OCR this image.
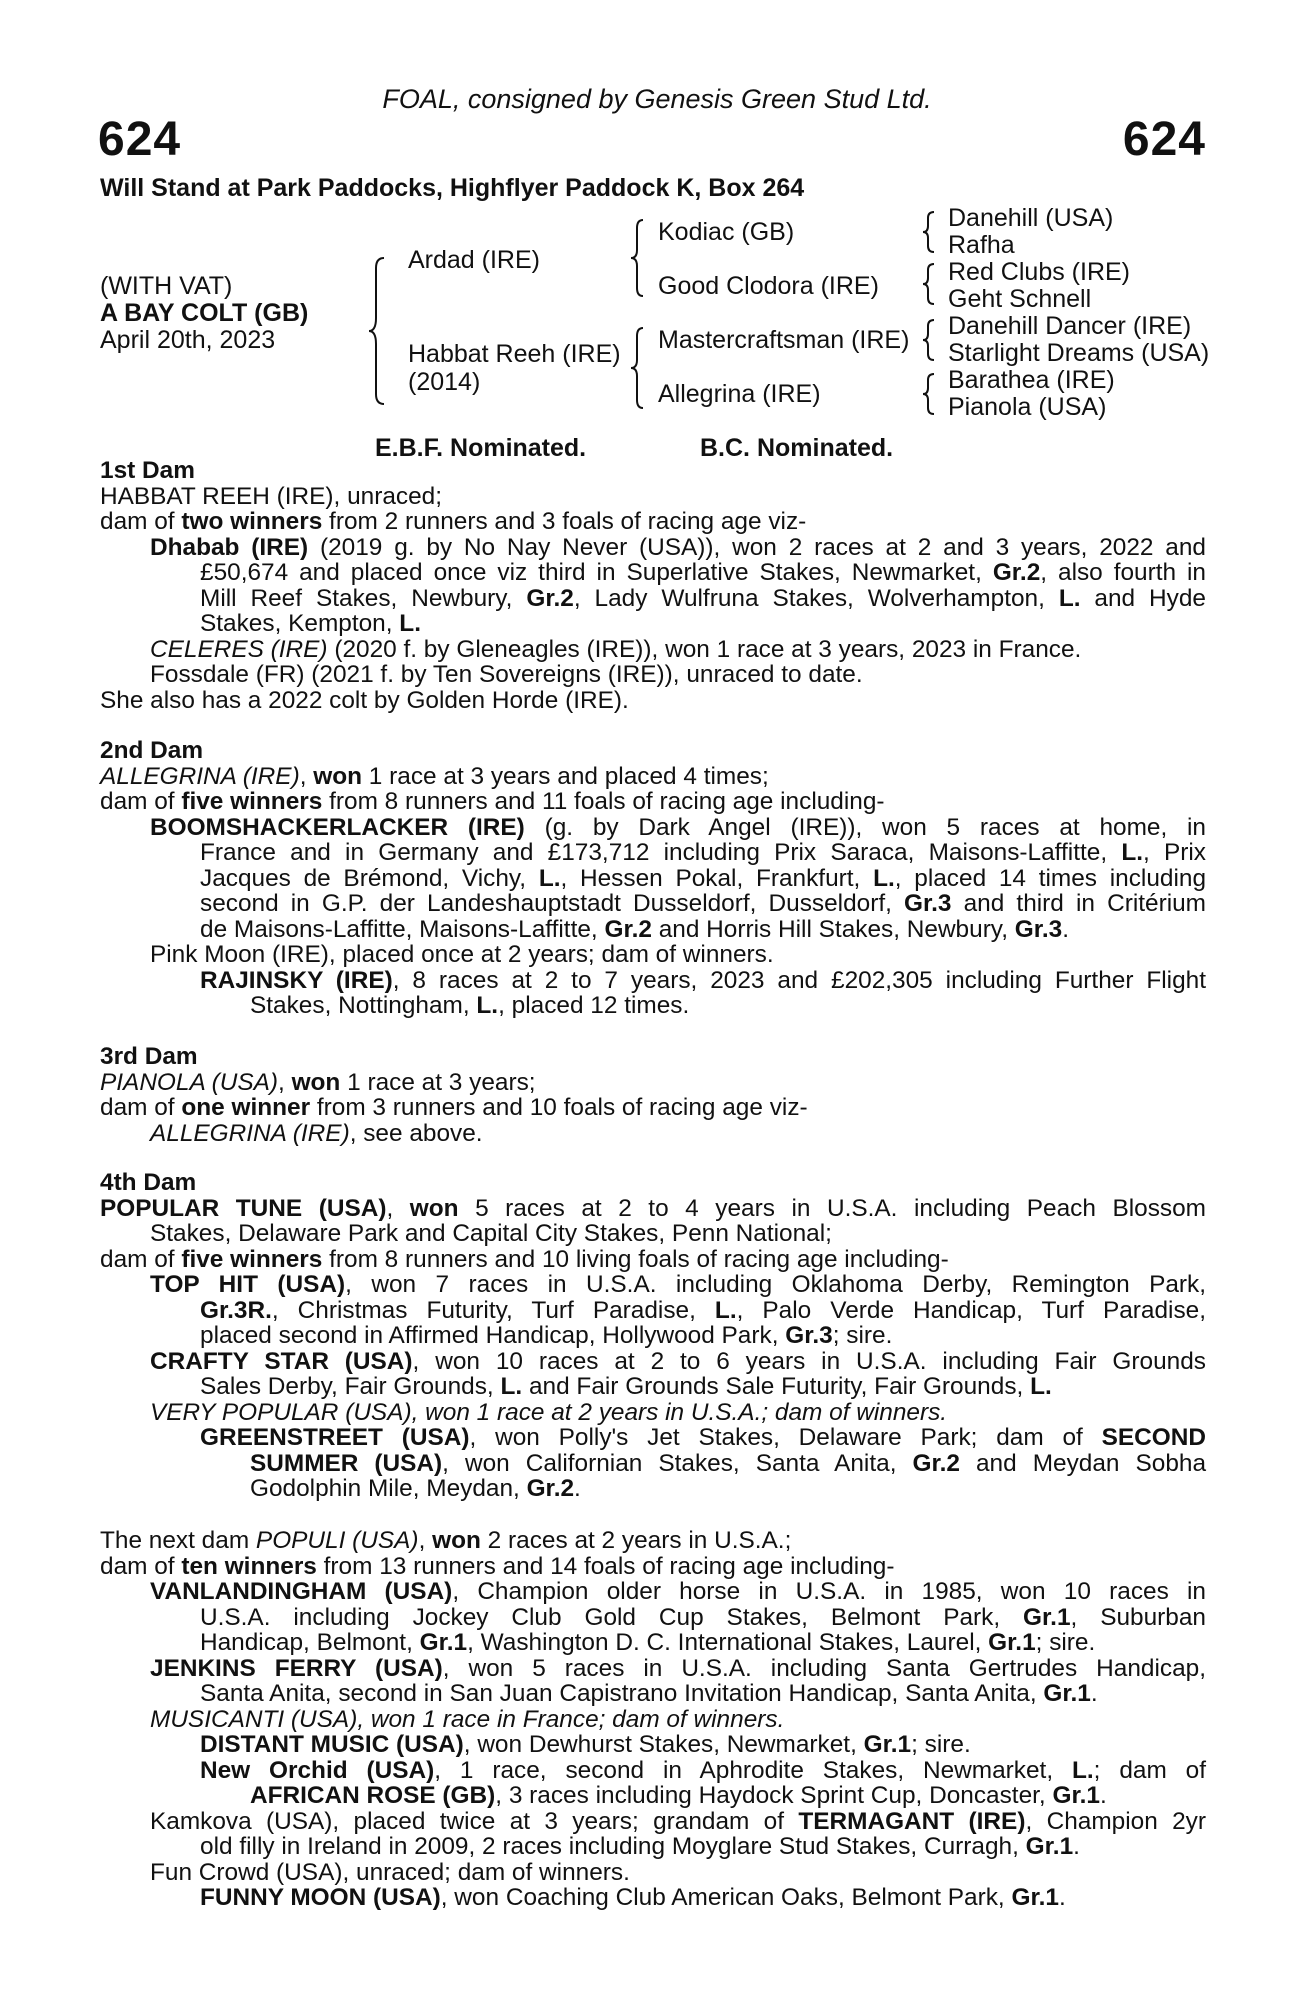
FOAL, consigned by Genesis Green Stud Ltd.
624	624
Will Stand at Park Paddocks, Highflyer Paddock K, Box 264
(WITH VAT)
A BAY COLT (GB)
April 20th, 2023
Ardad (IRE)
Habbat Reeh (IRE)
(2014)
Kodiac (GB)
Good Clodora (IRE)
Mastercraftsman (IRE)
Allegrina (IRE)
Danehill (USA)
Rafha
Red Clubs (IRE)
Geht Schnell
Danehill Dancer (IRE)
Starlight Dreams (USA)
Barathea (IRE)
Pianola (USA)
E.B.F. Nominated.	B.C. Nominated.
1st Dam
HABBAT REEH (IRE), unraced;
dam of two winners from 2 runners and 3 foals of racing age viz-
Dhabab (IRE) (2019 g. by No Nay Never (USA)), won 2 races at 2 and 3 years, 2022 and
£50,674 and placed once viz third in Superlative Stakes, Newmarket, Gr.2, also fourth in
Mill Reef Stakes, Newbury, Gr.2, Lady Wulfruna Stakes, Wolverhampton, L. and Hyde
Stakes, Kempton, L.
CELERES (IRE) (2020 f. by Gleneagles (IRE)), won 1 race at 3 years, 2023 in France.
Fossdale (FR) (2021 f. by Ten Sovereigns (IRE)), unraced to date.
She also has a 2022 colt by Golden Horde (IRE).
2nd Dam
ALLEGRINA (IRE), won 1 race at 3 years and placed 4 times;
dam of five winners from 8 runners and 11 foals of racing age including-
BOOMSHACKERLACKER (IRE) (g. by Dark Angel (IRE)), won 5 races at home, in
France and in Germany and £173,712 including Prix Saraca, Maisons-Laffitte, L., Prix
Jacques de Brémond, Vichy, L., Hessen Pokal, Frankfurt, L., placed 14 times including
second in G.P. der Landeshauptstadt Dusseldorf, Dusseldorf, Gr.3 and third in Critérium
de Maisons-Laffitte, Maisons-Laffitte, Gr.2 and Horris Hill Stakes, Newbury, Gr.3.
Pink Moon (IRE), placed once at 2 years; dam of winners.
RAJINSKY (IRE), 8 races at 2 to 7 years, 2023 and £202,305 including Further Flight
Stakes, Nottingham, L., placed 12 times.
3rd Dam
PIANOLA (USA), won 1 race at 3 years;
dam of one winner from 3 runners and 10 foals of racing age viz-
ALLEGRINA (IRE), see above.
4th Dam
POPULAR TUNE (USA), won 5 races at 2 to 4 years in U.S.A. including Peach Blossom
Stakes, Delaware Park and Capital City Stakes, Penn National;
dam of five winners from 8 runners and 10 living foals of racing age including-
TOP HIT (USA), won 7 races in U.S.A. including Oklahoma Derby, Remington Park,
Gr.3R., Christmas Futurity, Turf Paradise, L., Palo Verde Handicap, Turf Paradise,
placed second in Affirmed Handicap, Hollywood Park, Gr.3; sire.
CRAFTY STAR (USA), won 10 races at 2 to 6 years in U.S.A. including Fair Grounds
Sales Derby, Fair Grounds, L. and Fair Grounds Sale Futurity, Fair Grounds, L.
VERY POPULAR (USA), won 1 race at 2 years in U.S.A.; dam of winners.
GREENSTREET (USA), won Polly's Jet Stakes, Delaware Park; dam of SECOND
SUMMER (USA), won Californian Stakes, Santa Anita, Gr.2 and Meydan Sobha
Godolphin Mile, Meydan, Gr.2.
The next dam POPULI (USA), won 2 races at 2 years in U.S.A.;
dam of ten winners from 13 runners and 14 foals of racing age including-
VANLANDINGHAM (USA), Champion older horse in U.S.A. in 1985, won 10 races in
U.S.A. including Jockey Club Gold Cup Stakes, Belmont Park, Gr.1, Suburban
Handicap, Belmont, Gr.1, Washington D. C. International Stakes, Laurel, Gr.1; sire.
JENKINS FERRY (USA), won 5 races in U.S.A. including Santa Gertrudes Handicap,
Santa Anita, second in San Juan Capistrano Invitation Handicap, Santa Anita, Gr.1.
MUSICANTI (USA), won 1 race in France; dam of winners.
DISTANT MUSIC (USA), won Dewhurst Stakes, Newmarket, Gr.1; sire.
New Orchid (USA), 1 race, second in Aphrodite Stakes, Newmarket, L.; dam of
AFRICAN ROSE (GB), 3 races including Haydock Sprint Cup, Doncaster, Gr.1.
Kamkova (USA), placed twice at 3 years; grandam of TERMAGANT (IRE), Champion 2yr
old filly in Ireland in 2009, 2 races including Moyglare Stud Stakes, Curragh, Gr.1.
Fun Crowd (USA), unraced; dam of winners.
FUNNY MOON (USA), won Coaching Club American Oaks, Belmont Park, Gr.1.
